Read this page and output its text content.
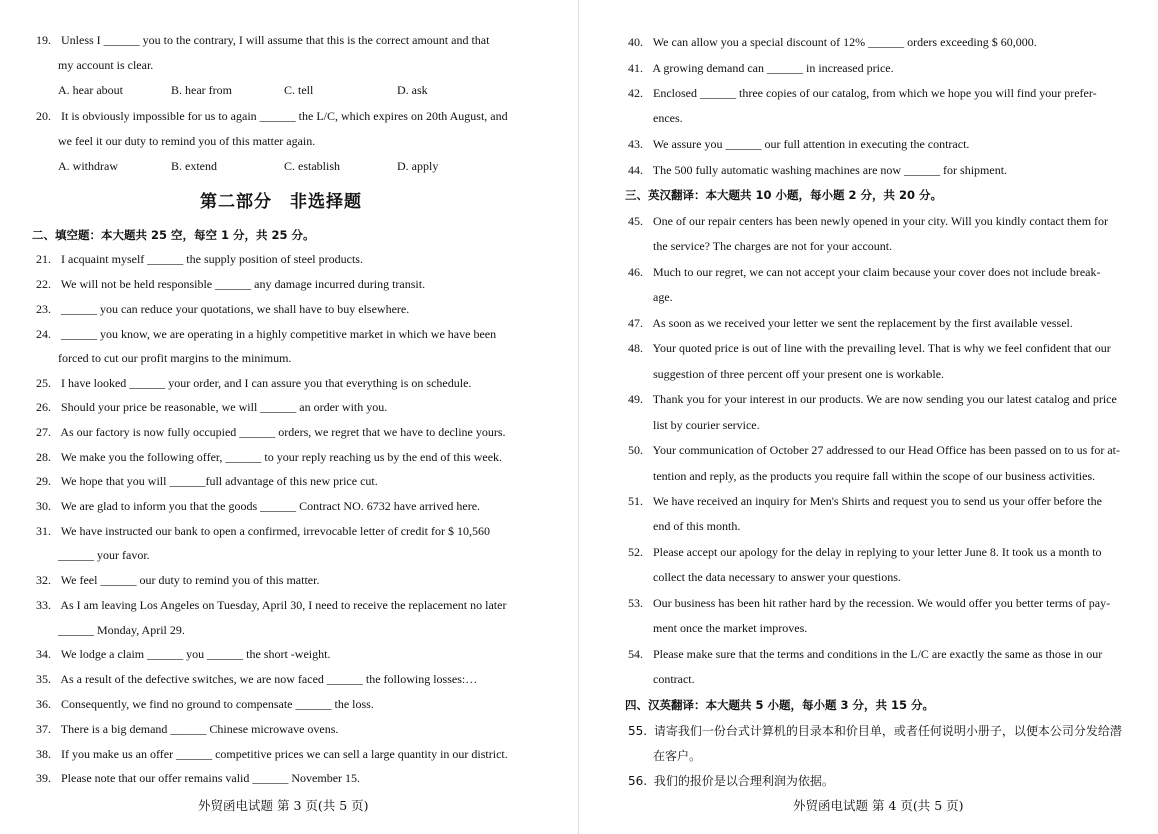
19. Unless I ______ you to the contrary, I will assume that this is the correct amount and that
my account is clear.
A. hear about	B. hear from	C. tell	D. ask
20. It is obviously impossible for us to again ______ the L/C, which expires on 20th August, and
we feel it our duty to remind you of this matter again.
A. withdraw	B. extend	C. establish	D. apply
第二部分　非选择题
二、填空题：本大题共 25 空，每空 1 分，共 25 分。
21. I acquaint myself ______ the supply position of steel products.
22. We will not be held responsible ______ any damage incurred during transit.
23. ______ you can reduce your quotations, we shall have to buy elsewhere.
24. ______ you know, we are operating in a highly competitive market in which we have been
forced to cut our profit margins to the minimum.
25. I have looked ______ your order, and I can assure you that everything is on schedule.
26. Should your price be reasonable, we will ______ an order with you.
27. As our factory is now fully occupied ______ orders, we regret that we have to decline yours.
28. We make you the following offer, ______ to your reply reaching us by the end of this week.
29. We hope that you will ______full advantage of this new price cut.
30. We are glad to inform you that the goods ______ Contract NO. 6732 have arrived here.
31. We have instructed our bank to open a confirmed, irrevocable letter of credit for $ 10,560
______ your favor.
32. We feel ______ our duty to remind you of this matter.
33. As I am leaving Los Angeles on Tuesday, April 30, I need to receive the replacement no later
______ Monday, April 29.
34. We lodge a claim ______ you ______ the short -weight.
35. As a result of the defective switches, we are now faced ______ the following losses:…
36. Consequently, we find no ground to compensate ______ the loss.
37. There is a big demand ______ Chinese microwave ovens.
38. If you make us an offer ______ competitive prices we can sell a large quantity in our district.
39. Please note that our offer remains valid ______ November 15.
外贸函电试题 第 3 页(共 5 页)
40. We can allow you a special discount of 12% ______ orders exceeding $ 60,000.
41. A growing demand can ______ in increased price.
42. Enclosed ______ three copies of our catalog, from which we hope you will find your prefer-
ences.
43. We assure you ______ our full attention in executing the contract.
44. The 500 fully automatic washing machines are now ______ for shipment.
三、英汉翻译：本大题共 10 小题，每小题 2 分，共 20 分。
45. One of our repair centers has been newly opened in your city. Will you kindly contact them for
the service? The charges are not for your account.
46. Much to our regret, we can not accept your claim because your cover does not include break-
age.
47. As soon as we received your letter we sent the replacement by the first available vessel.
48. Your quoted price is out of line with the prevailing level. That is why we feel confident that our
suggestion of three percent off your present one is workable.
49. Thank you for your interest in our products. We are now sending you our latest catalog and price
list by courier service.
50. Your communication of October 27 addressed to our Head Office has been passed on to us for at-
tention and reply, as the products you require fall within the scope of our business activities.
51. We have received an inquiry for Men's Shirts and request you to send us your offer before the
end of this month.
52. Please accept our apology for the delay in replying to your letter June 8. It took us a month to
collect the data necessary to answer your questions.
53. Our business has been hit rather hard by the recession. We would offer you better terms of pay-
ment once the market improves.
54. Please make sure that the terms and conditions in the L/C are exactly the same as those in our
contract.
四、汉英翻译：本大题共 5 小题，每小题 3 分，共 15 分。
55. 请寄我们一份台式计算机的目录本和价目单，或者任何说明小册子，以便本公司分发给潜
在客户。
56. 我们的报价是以合理利润为依据。
外贸函电试题 第 4 页(共 5 页)
